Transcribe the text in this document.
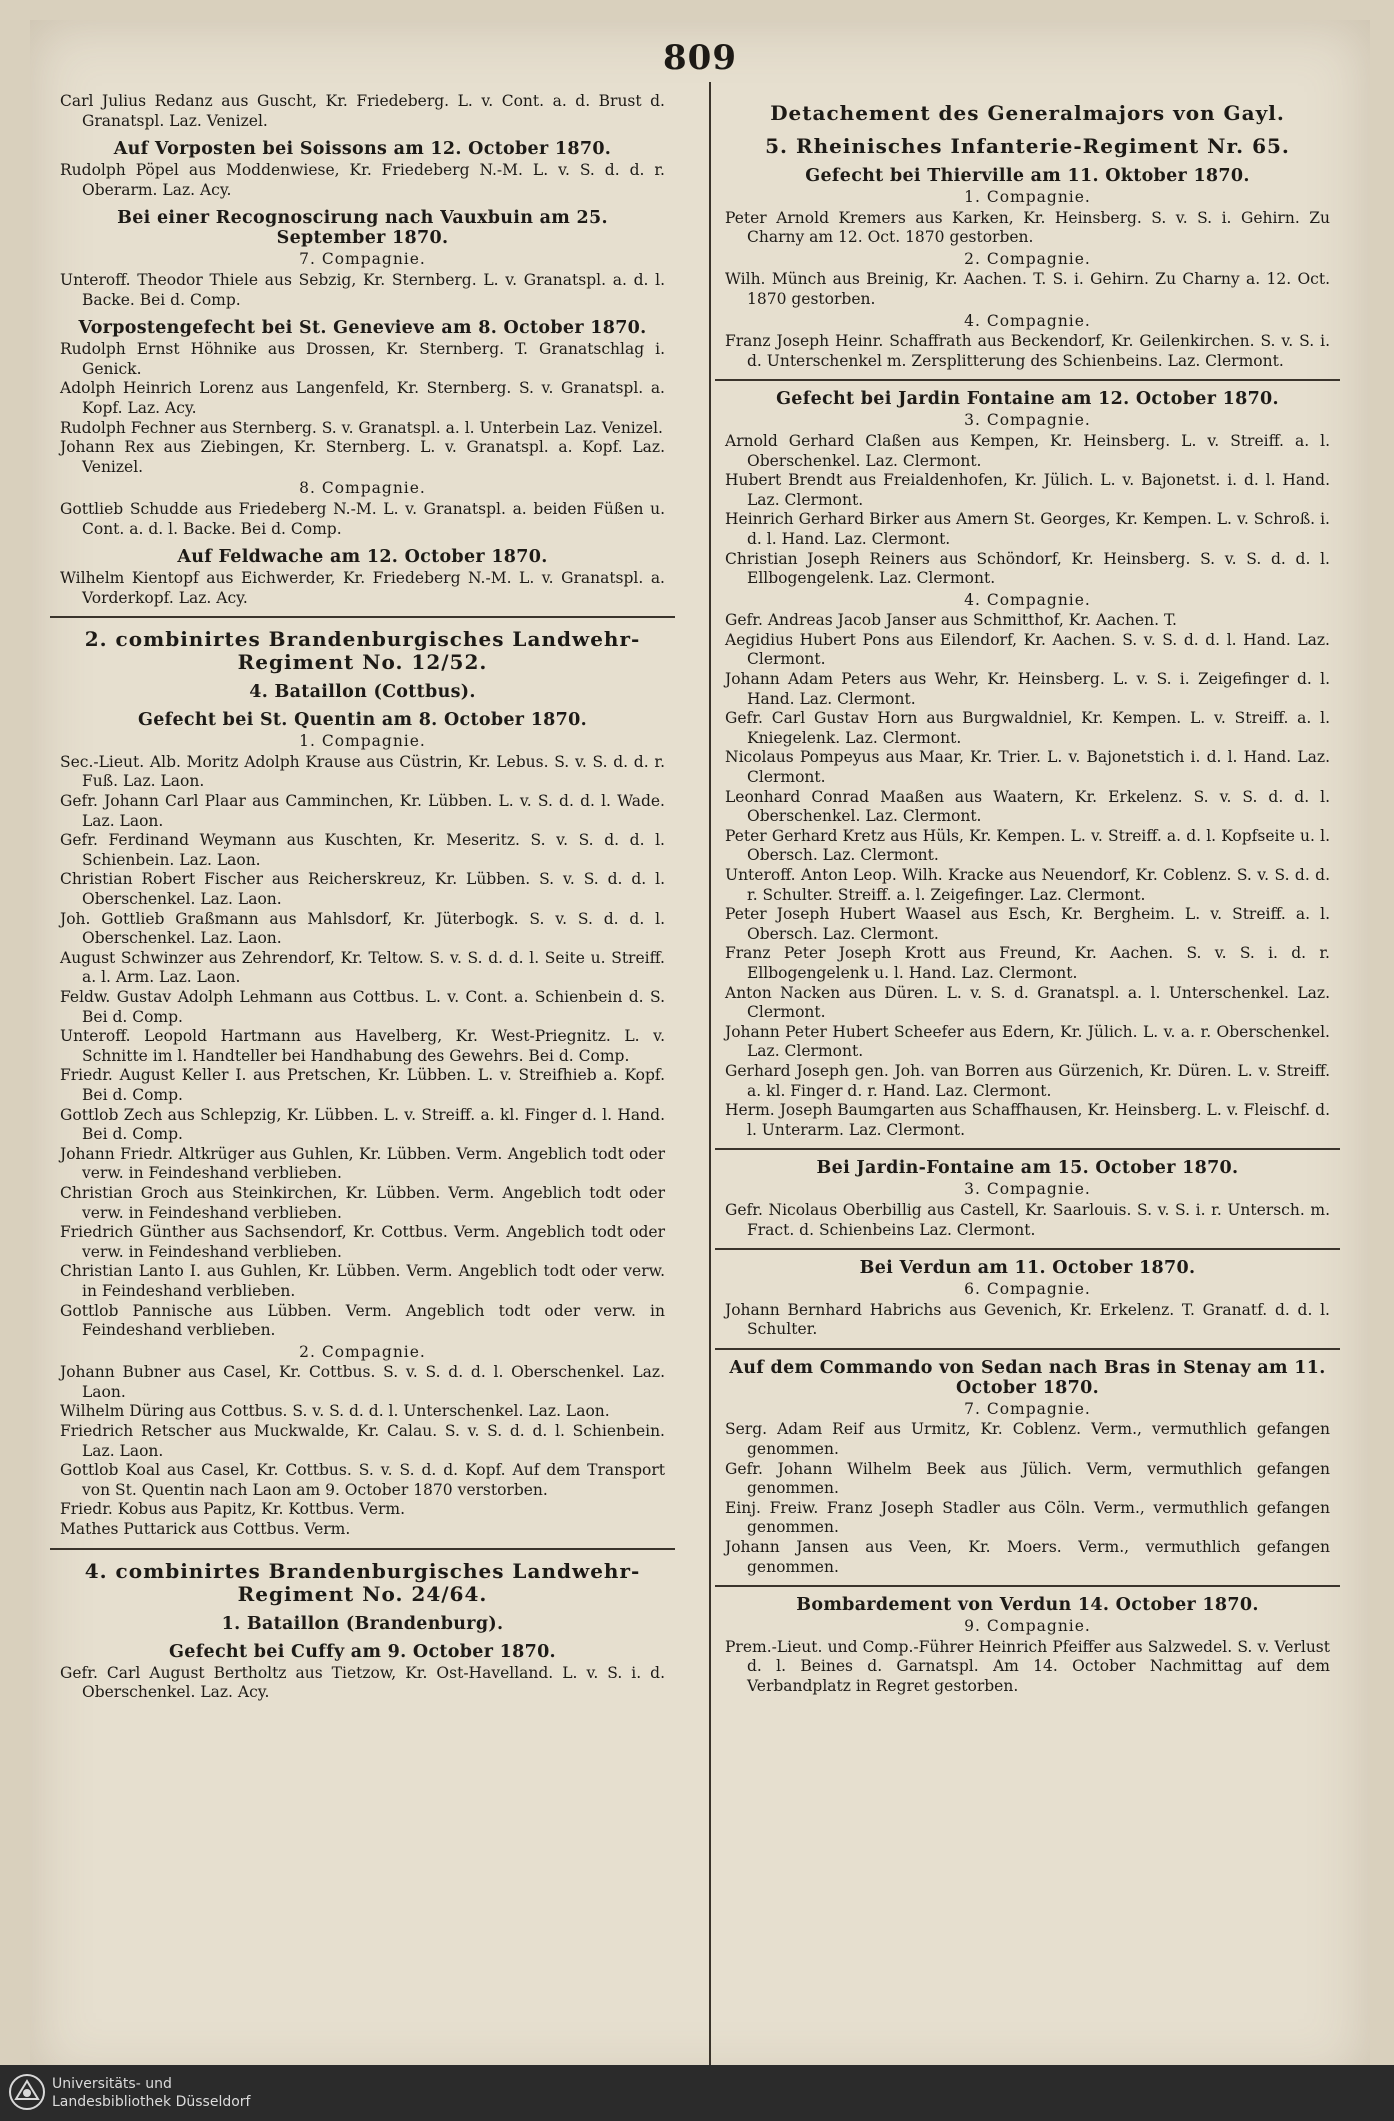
809

Carl Julius Redanz aus Guscht, Kr. Friedeberg. L. v. Cont. a. d. Brust d. Granatspl. Laz. Venizel.

Auf Vorposten bei Soissons am 12. October 1870.

Rudolph Pöpel aus Moddenwiese, Kr. Friedeberg N.-M. L. v. S. d. d. r. Oberarm. Laz. Acy.

Bei einer Recognoscirung nach Vauxbuin am 25. September 1870.
7. Compagnie.

Unteroff. Theodor Thiele aus Sebzig, Kr. Sternberg. L. v. Granatspl. a. d. l. Backe. Bei d. Comp.

Vorpostengefecht bei St. Genevieve am 8. October 1870.

Rudolph Ernst Höhnike aus Drossen, Kr. Sternberg. T. Granatschlag i. Genick.

Adolph Heinrich Lorenz aus Langenfeld, Kr. Sternberg. S. v. Granatspl. a. Kopf. Laz. Acy.

Rudolph Fechner aus Sternberg. S. v. Granatspl. a. l. Unterbein Laz. Venizel.

Johann Rex aus Ziebingen, Kr. Sternberg. L. v. Granatspl. a. Kopf. Laz. Venizel.

8. Compagnie.

Gottlieb Schudde aus Friedeberg N.-M. L. v. Granatspl. a. beiden Füßen u. Cont. a. d. l. Backe. Bei d. Comp.

Auf Feldwache am 12. October 1870.

Wilhelm Kientopf aus Eichwerder, Kr. Friedeberg N.-M. L. v. Granatspl. a. Vorderkopf. Laz. Acy.

2. combinirtes Brandenburgisches Landwehr-Regiment No. 12/52.
4. Bataillon (Cottbus).
Gefecht bei St. Quentin am 8. October 1870.
1. Compagnie.

Sec.-Lieut. Alb. Moritz Adolph Krause aus Cüstrin, Kr. Lebus. S. v. S. d. d. r. Fuß. Laz. Laon.

Gefr. Johann Carl Plaar aus Camminchen, Kr. Lübben. L. v. S. d. d. l. Wade. Laz. Laon.

Gefr. Ferdinand Weymann aus Kuschten, Kr. Meseritz. S. v. S. d. d. l. Schienbein. Laz. Laon.

Christian Robert Fischer aus Reicherskreuz, Kr. Lübben. S. v. S. d. d. l. Oberschenkel. Laz. Laon.

Joh. Gottlieb Graßmann aus Mahlsdorf, Kr. Jüterbogk. S. v. S. d. d. l. Oberschenkel. Laz. Laon.

August Schwinzer aus Zehrendorf, Kr. Teltow. S. v. S. d. d. l. Seite u. Streiff. a. l. Arm. Laz. Laon.

Feldw. Gustav Adolph Lehmann aus Cottbus. L. v. Cont. a. Schienbein d. S. Bei d. Comp.

Unteroff. Leopold Hartmann aus Havelberg, Kr. West-Priegnitz. L. v. Schnitte im l. Handteller bei Handhabung des Gewehrs. Bei d. Comp.

Friedr. August Keller I. aus Pretschen, Kr. Lübben. L. v. Streifhieb a. Kopf. Bei d. Comp.

Gottlob Zech aus Schlepzig, Kr. Lübben. L. v. Streiff. a. kl. Finger d. l. Hand. Bei d. Comp.

Johann Friedr. Altkrüger aus Guhlen, Kr. Lübben. Verm. Angeblich todt oder verw. in Feindeshand verblieben.

Christian Groch aus Steinkirchen, Kr. Lübben. Verm. Angeblich todt oder verw. in Feindeshand verblieben.

Friedrich Günther aus Sachsendorf, Kr. Cottbus. Verm. Angeblich todt oder verw. in Feindeshand verblieben.

Christian Lanto I. aus Guhlen, Kr. Lübben. Verm. Angeblich todt oder verw. in Feindeshand verblieben.

Gottlob Pannische aus Lübben. Verm. Angeblich todt oder verw. in Feindeshand verblieben.

2. Compagnie.

Johann Bubner aus Casel, Kr. Cottbus. S. v. S. d. d. l. Oberschenkel. Laz. Laon.

Wilhelm Düring aus Cottbus. S. v. S. d. d. l. Unterschenkel. Laz. Laon.

Friedrich Retscher aus Muckwalde, Kr. Calau. S. v. S. d. d. l. Schienbein. Laz. Laon.

Gottlob Koal aus Casel, Kr. Cottbus. S. v. S. d. d. Kopf. Auf dem Transport von St. Quentin nach Laon am 9. October 1870 verstorben.

Friedr. Kobus aus Papitz, Kr. Kottbus. Verm.

Mathes Puttarick aus Cottbus. Verm.

4. combinirtes Brandenburgisches Landwehr-Regiment No. 24/64.
1. Bataillon (Brandenburg).
Gefecht bei Cuffy am 9. October 1870.

Gefr. Carl August Bertholtz aus Tietzow, Kr. Ost-Havelland. L. v. S. i. d. Oberschenkel. Laz. Acy.

Detachement des Generalmajors von Gayl.
5. Rheinisches Infanterie-Regiment Nr. 65.
Gefecht bei Thierville am 11. Oktober 1870.
1. Compagnie.

Peter Arnold Kremers aus Karken, Kr. Heinsberg. S. v. S. i. Gehirn. Zu Charny am 12. Oct. 1870 gestorben.

2. Compagnie.

Wilh. Münch aus Breinig, Kr. Aachen. T. S. i. Gehirn. Zu Charny a. 12. Oct. 1870 gestorben.

4. Compagnie.

Franz Joseph Heinr. Schaffrath aus Beckendorf, Kr. Geilenkirchen. S. v. S. i. d. Unterschenkel m. Zersplitterung des Schienbeins. Laz. Clermont.

Gefecht bei Jardin Fontaine am 12. October 1870.
3. Compagnie.

Arnold Gerhard Claßen aus Kempen, Kr. Heinsberg. L. v. Streiff. a. l. Oberschenkel. Laz. Clermont.

Hubert Brendt aus Freialdenhofen, Kr. Jülich. L. v. Bajonetst. i. d. l. Hand. Laz. Clermont.

Heinrich Gerhard Birker aus Amern St. Georges, Kr. Kempen. L. v. Schroß. i. d. l. Hand. Laz. Clermont.

Christian Joseph Reiners aus Schöndorf, Kr. Heinsberg. S. v. S. d. d. l. Ellbogengelenk. Laz. Clermont.

4. Compagnie.

Gefr. Andreas Jacob Janser aus Schmitthof, Kr. Aachen. T.

Aegidius Hubert Pons aus Eilendorf, Kr. Aachen. S. v. S. d. d. l. Hand. Laz. Clermont.

Johann Adam Peters aus Wehr, Kr. Heinsberg. L. v. S. i. Zeigefinger d. l. Hand. Laz. Clermont.

Gefr. Carl Gustav Horn aus Burgwaldniel, Kr. Kempen. L. v. Streiff. a. l. Kniegelenk. Laz. Clermont.

Nicolaus Pompeyus aus Maar, Kr. Trier. L. v. Bajonetstich i. d. l. Hand. Laz. Clermont.

Leonhard Conrad Maaßen aus Waatern, Kr. Erkelenz. S. v. S. d. d. l. Oberschenkel. Laz. Clermont.

Peter Gerhard Kretz aus Hüls, Kr. Kempen. L. v. Streiff. a. d. l. Kopfseite u. l. Obersch. Laz. Clermont.

Unteroff. Anton Leop. Wilh. Kracke aus Neuendorf, Kr. Coblenz. S. v. S. d. d. r. Schulter. Streiff. a. l. Zeigefinger. Laz. Clermont.

Peter Joseph Hubert Waasel aus Esch, Kr. Bergheim. L. v. Streiff. a. l. Obersch. Laz. Clermont.

Franz Peter Joseph Krott aus Freund, Kr. Aachen. S. v. S. i. d. r. Ellbogengelenk u. l. Hand. Laz. Clermont.

Anton Nacken aus Düren. L. v. S. d. Granatspl. a. l. Unterschenkel. Laz. Clermont.

Johann Peter Hubert Scheefer aus Edern, Kr. Jülich. L. v. a. r. Oberschenkel. Laz. Clermont.

Gerhard Joseph gen. Joh. van Borren aus Gürzenich, Kr. Düren. L. v. Streiff. a. kl. Finger d. r. Hand. Laz. Clermont.

Herm. Joseph Baumgarten aus Schaffhausen, Kr. Heinsberg. L. v. Fleischf. d. l. Unterarm. Laz. Clermont.

Bei Jardin-Fontaine am 15. October 1870.
3. Compagnie.

Gefr. Nicolaus Oberbillig aus Castell, Kr. Saarlouis. S. v. S. i. r. Untersch. m. Fract. d. Schienbeins Laz. Clermont.

Bei Verdun am 11. October 1870.
6. Compagnie.

Johann Bernhard Habrichs aus Gevenich, Kr. Erkelenz. T. Granatf. d. d. l. Schulter.

Auf dem Commando von Sedan nach Bras in Stenay am 11. October 1870.
7. Compagnie.

Serg. Adam Reif aus Urmitz, Kr. Coblenz. Verm., vermuthlich gefangen genommen.

Gefr. Johann Wilhelm Beek aus Jülich. Verm, vermuthlich gefangen genommen.

Einj. Freiw. Franz Joseph Stadler aus Cöln. Verm., vermuthlich gefangen genommen.

Johann Jansen aus Veen, Kr. Moers. Verm., vermuthlich gefangen genommen.

Bombardement von Verdun 14. October 1870.
9. Compagnie.

Prem.-Lieut. und Comp.-Führer Heinrich Pfeiffer aus Salzwedel. S. v. Verlust d. l. Beines d. Garnatspl. Am 14. October Nachmittag auf dem Verbandplatz in Regret gestorben.

Universitäts- und
Landesbibliothek Düsseldorf
